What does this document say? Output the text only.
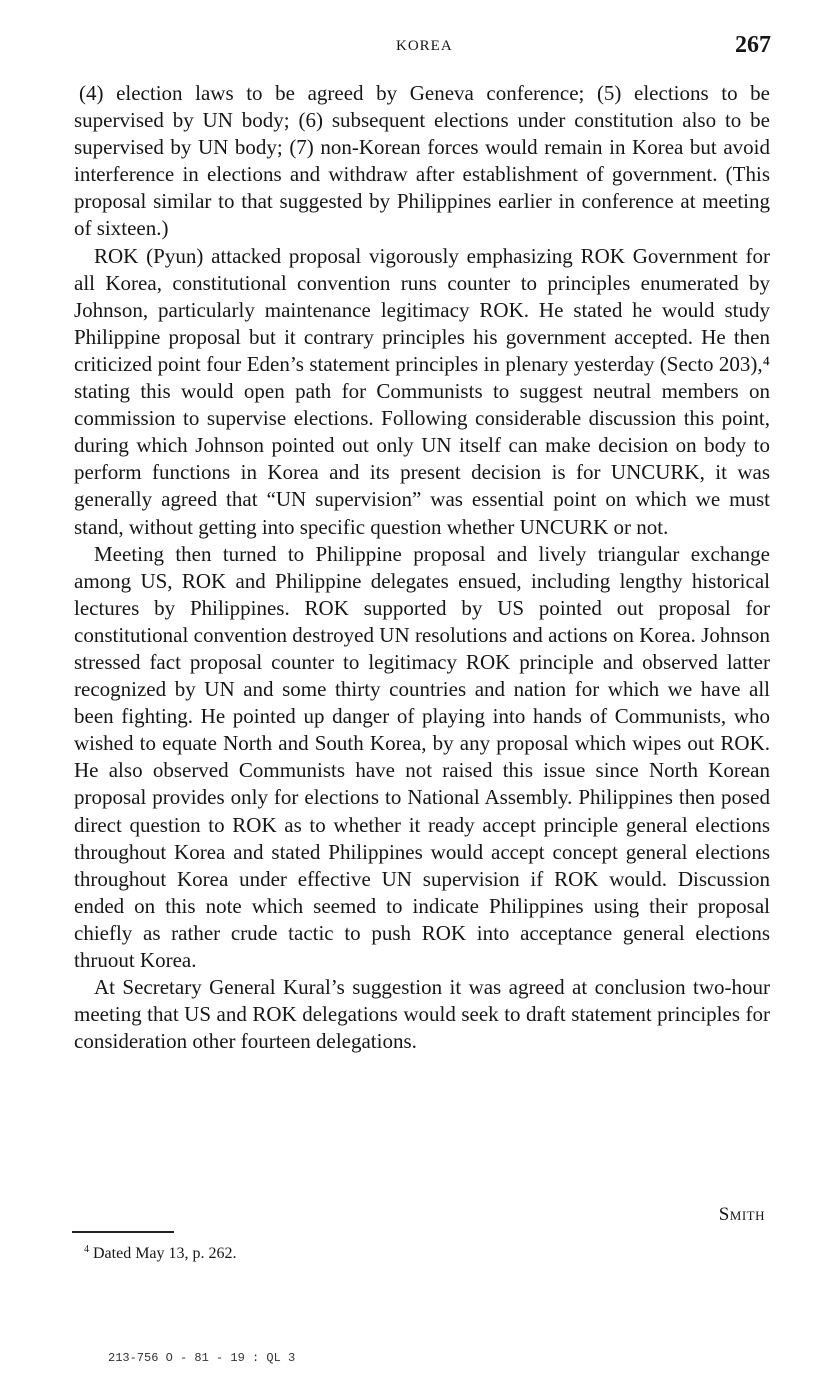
KOREA	267

(4) election laws to be agreed by Geneva conference; (5) elections to be supervised by UN body; (6) subsequent elections under constitution also to be supervised by UN body; (7) non-Korean forces would remain in Korea but avoid interference in elections and withdraw after establishment of government. (This proposal similar to that suggested by Philippines earlier in conference at meeting of sixteen.)

ROK (Pyun) attacked proposal vigorously emphasizing ROK Government for all Korea, constitutional convention runs counter to principles enumerated by Johnson, particularly maintenance legitimacy ROK. He stated he would study Philippine proposal but it contrary principles his government accepted. He then criticized point four Eden’s statement principles in plenary yesterday (Secto 203),⁴ stating this would open path for Communists to suggest neutral members on commission to supervise elections. Following considerable discussion this point, during which Johnson pointed out only UN itself can make decision on body to perform functions in Korea and its present decision is for UNCURK, it was generally agreed that “UN supervision” was essential point on which we must stand, without getting into specific question whether UNCURK or not.

Meeting then turned to Philippine proposal and lively triangular exchange among US, ROK and Philippine delegates ensued, including lengthy historical lectures by Philippines. ROK supported by US pointed out proposal for constitutional convention destroyed UN resolutions and actions on Korea. Johnson stressed fact proposal counter to legitimacy ROK principle and observed latter recognized by UN and some thirty countries and nation for which we have all been fighting. He pointed up danger of playing into hands of Communists, who wished to equate North and South Korea, by any proposal which wipes out ROK. He also observed Communists have not raised this issue since North Korean proposal provides only for elections to National Assembly. Philippines then posed direct question to ROK as to whether it ready accept principle general elections throughout Korea and stated Philippines would accept concept general elections throughout Korea under effective UN supervision if ROK would. Discussion ended on this note which seemed to indicate Philippines using their proposal chiefly as rather crude tactic to push ROK into acceptance general elections thruout Korea.

At Secretary General Kural’s suggestion it was agreed at conclusion two-hour meeting that US and ROK delegations would seek to draft statement principles for consideration other fourteen delegations.

Smith
$^4$ Dated May 13, p. 262.
213-756 O - 81 - 19 : QL 3
